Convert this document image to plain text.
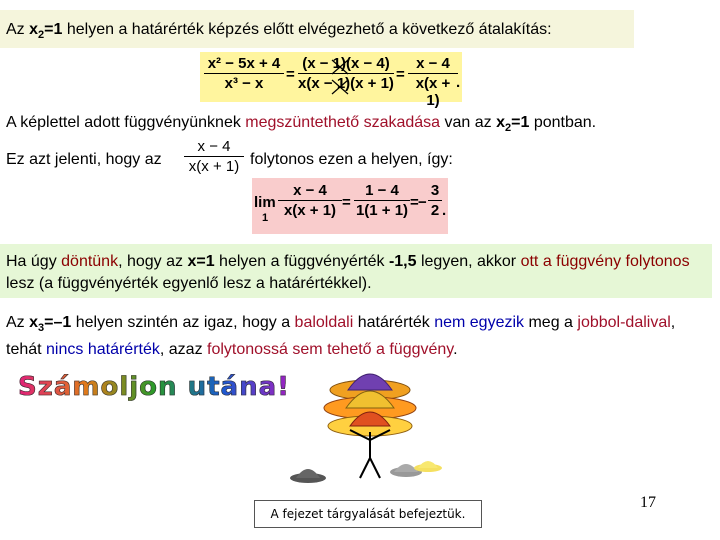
Az $x_2=1$ helyen a határérték képzés előtt elvégezhető a következő átalakítás:
$\frac{\text{x² − 5x + 4}}{\text{x³ − x}} = \frac{(x - 1)(x - 4)}{x(x - 1)(x + 1)} = \frac{x - 4}{x(x + 1)}$
.
A képlettel adott függvényünknek megszüntethető szakadása van az $x_2=1$ pontban.
Ez azt jelenti, hogy az $\frac{x - 4}{x(x + 1)}$ folytonos ezen a helyen, így:
lim
$1 \frac{x - 4}{x(x + 1)} = \frac{1 - 4}{1(1 + 1)}$ = − $\frac{3}{2}$ .
Ha úgy döntünk, hogy az x=1 helyen a függvényérték -1,5 legyen, akkor ott a függvény folytonos lesz (a függvényérték egyenlő lesz a határértékkel).
Az $x_3=-1$ helyen szintén az igaz, hogy a baloldali határérték nem egyezik meg a jobbol-dalival, tehát nincs határérték, azaz folytonossá sem tehető a függvény.
Számoljon utána!
A fejezet tárgyalását befejeztük.
17
